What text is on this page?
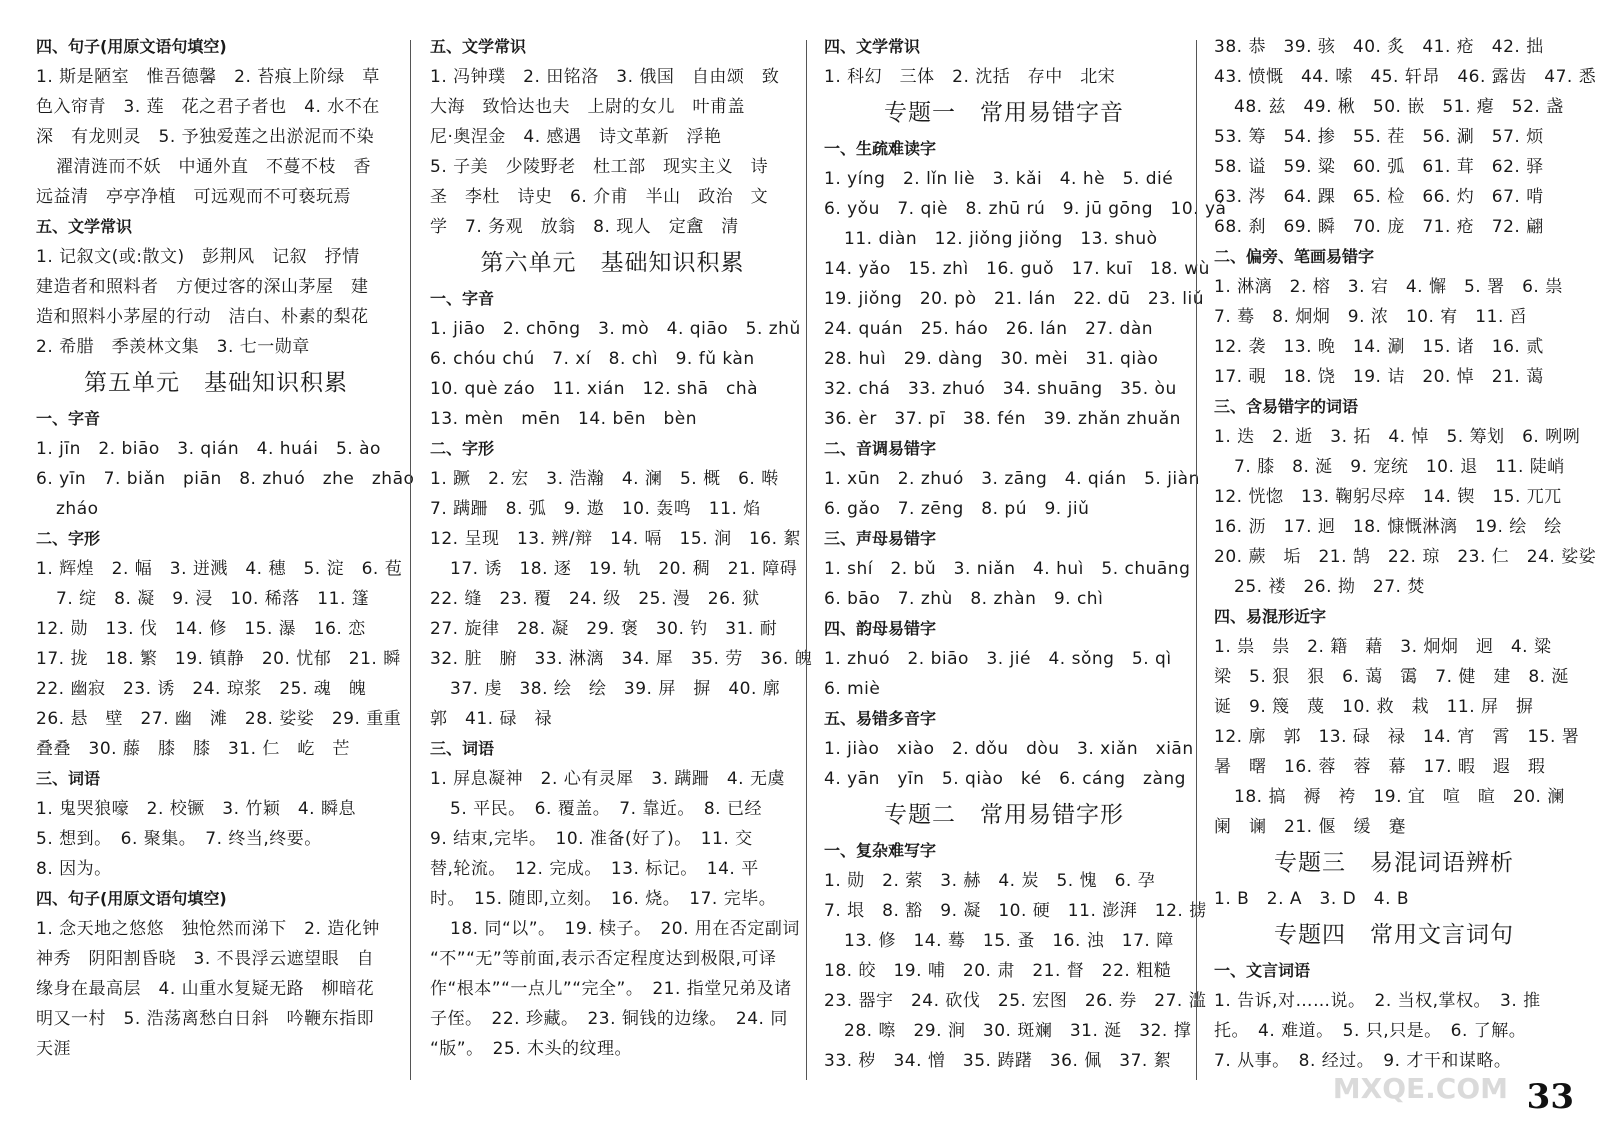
四、句子(用原文语句填空)
1. 斯是陋室　惟吾德馨　2. 苔痕上阶绿　草
色入帘青　3. 莲　花之君子者也　4. 水不在
深　有龙则灵　5. 予独爱莲之出淤泥而不染
濯清涟而不妖　中通外直　不蔓不枝　香
远益清　亭亭净植　可远观而不可亵玩焉
五、文学常识
1. 记叙文(或:散文)　彭荆风　记叙　抒情
建造者和照料者　方便过客的深山茅屋　建
造和照料小茅屋的行动　洁白、朴素的梨花
2. 希腊　季羡林文集　3. 七一勋章
第五单元　基础知识积累
一、字音
1. jīn　2. biāo　3. qián　4. huái　5. ào
6. yīn　7. biǎn　piān　8. zhuó　zhe　zhāo
zháo
二、字形
1. 辉煌　2. 幅　3. 迸溅　4. 穗　5. 淀　6. 苞
7. 绽　8. 凝　9. 浸　10. 稀落　11. 篷
12. 勋　13. 伐　14. 修　15. 瀑　16. 恋
17. 拢　18. 繁　19. 镇静　20. 忧郁　21. 瞬
22. 幽寂　23. 诱　24. 琼浆　25. 魂　魄
26. 悬　壁　27. 幽　滩　28. 娑娑　29. 重重
叠叠　30. 藤　膝　膝　31. 仁　屹　芒
三、词语
1. 鬼哭狼嚎　2. 校镢　3. 竹颖　4. 瞬息
5. 想到。　6. 聚集。　7. 终当,终要。
8. 因为。
四、句子(用原文语句填空)
1. 念天地之悠悠　独怆然而涕下　2. 造化钟
神秀　阴阳割昏晓　3. 不畏浮云遮望眼　自
缘身在最高层　4. 山重水复疑无路　柳暗花
明又一村　5. 浩荡离愁白日斜　吟鞭东指即
天涯
五、文学常识
1. 冯钟璞　2. 田铭洛　3. 俄国　自由颂　致
大海　致恰达也夫　上尉的女儿　叶甫盖
尼·奥涅金　4. 感遇　诗文革新　浮艳
5. 子美　少陵野老　杜工部　现实主义　诗
圣　李杜　诗史　6. 介甫　半山　政治　文
学　7. 务观　放翁　8. 现人　定盦　清
第六单元　基础知识积累
一、字音
1. jiāo　2. chōng　3. mò　4. qiāo　5. zhǔ
6. chóu chú　7. xí　8. chì　9. fǔ kàn
10. què záo　11. xián　12. shā　chà
13. mèn　mēn　14. bēn　bèn
二、字形
1. 蹶　2. 宏　3. 浩瀚　4. 澜　5. 概　6. 啭
7. 蹒跚　8. 弧　9. 遨　10. 轰鸣　11. 焰
12. 呈现　13. 辨/辩　14. 嗝　15. 涧　16. 絮
17. 诱　18. 逐　19. 轨　20. 稠　21. 障碍
22. 缝　23. 覆　24. 级　25. 漫　26. 狱
27. 旋律　28. 凝　29. 褒　30. 钓　31. 耐
32. 脏　腑　33. 淋漓　34. 犀　35. 劳　36. 魄
37. 虔　38. 绘　绘　39. 屏　摒　40. 廓
郭　41. 碌　禄
三、词语
1. 屏息凝神　2. 心有灵犀　3. 蹒跚　4. 无虞
5. 平民。　6. 覆盖。　7. 靠近。　8. 已经
9. 结束,完毕。　10. 准备(好了)。　11. 交
替,轮流。　12. 完成。　13. 标记。　14. 平
时。　15. 随即,立刻。　16. 烧。　17. 完毕。
18. 同“以”。　19. 椟子。　20. 用在否定副词
“不”“无”等前面,表示否定程度达到极限,可译
作“根本”“一点儿”“完全”。　21. 指堂兄弟及诸
子侄。　22. 珍藏。　23. 铜钱的边缘。　24. 同
“版”。　25. 木头的纹理。
四、文学常识
1. 科幻　三体　2. 沈括　存中　北宋
专题一　常用易错字音
一、生疏难读字
1. yíng　2. lǐn liè　3. kǎi　4. hè　5. dié
6. yǒu　7. qiè　8. zhū rú　9. jū gōng　10. yá
11. diàn　12. jiǒng jiǒng　13. shuò
14. yǎo　15. zhì　16. guǒ　17. kuī　18. wù
19. jiǒng　20. pò　21. lán　22. dū　23. liǔ
24. quán　25. háo　26. lán　27. dàn
28. huì　29. dàng　30. mèi　31. qiào
32. chá　33. zhuó　34. shuāng　35. òu
36. èr　37. pī　38. fén　39. zhǎn zhuǎn
二、音调易错字
1. xūn　2. zhuó　3. zāng　4. qián　5. jiàn
6. gǎo　7. zēng　8. pú　9. jiǔ
三、声母易错字
1. shí　2. bǔ　3. niǎn　4. huì　5. chuāng
6. bāo　7. zhù　8. zhàn　9. chì
四、韵母易错字
1. zhuó　2. biāo　3. jié　4. sǒng　5. qì
6. miè
五、易错多音字
1. jiào　xiào　2. dǒu　dòu　3. xiǎn　xiān
4. yān　yīn　5. qiào　ké　6. cáng　zàng
专题二　常用易错字形
一、复杂难写字
1. 勋　2. 萦　3. 赫　4. 炭　5. 愧　6. 孕
7. 垠　8. 豁　9. 凝　10. 硬　11. 澎湃　12. 掳
13. 修　14. 蓦　15. 蚤　16. 浊　17. 障
18. 皎　19. 哺　20. 肃　21. 督　22. 粗糙
23. 器宇　24. 砍伐　25. 宏图　26. 券　27. 滥
28. 嚓　29. 涧　30. 斑斓　31. 涎　32. 撑
33. 秽　34. 憎　35. 踌躇　36. 佩　37. 絮
38. 恭　39. 骇　40. 炙　41. 疮　42. 拙
43. 愤慨　44. 嗦　45. 轩昂　46. 露齿　47. 悉
48. 兹　49. 楸　50. 嵌　51. 瘪　52. 盏
53. 筹　54. 掺　55. 茬　56. 涮　57. 烦
58. 谥　59. 粱　60. 弧　61. 茸　62. 驿
63. 涔　64. 踝　65. 检　66. 灼　67. 啃
68. 刹　69. 瞬　70. 庞　71. 疮　72. 翩
二、偏旁、笔画易错字
1. 淋漓　2. 榕　3. 宕　4. 懈　5. 署　6. 祟
7. 蓦　8. 炯炯　9. 浓　10. 宥　11. 舀
12. 袭　13. 晚　14. 涮　15. 诸　16. 贰
17. 覗　18. 饶　19. 诘　20. 悼　21. 蔼
三、含易错字的词语
1. 迭　2. 逝　3. 拓　4. 悼　5. 筹划　6. 咧咧
7. 膝　8. 涎　9. 宠统　10. 退　11. 陡峭
12. 恍惚　13. 鞠躬尽瘁　14. 锲　15. 兀兀
16. 沥　17. 迥　18. 慷慨淋漓　19. 绘　绘
20. 蕨　垢　21. 鹄　22. 琼　23. 仁　24. 娑娑
25. 褛　26. 拗　27. 焚
四、易混形近字
1. 祟　祟　2. 籍　藉　3. 炯炯　迥　4. 粱
梁　5. 狠　狠　6. 蔼　霭　7. 健　建　8. 涎
诞　9. 篾　蔑　10. 救　栽　11. 屏　摒
12. 廓　郭　13. 碌　禄　14. 宵　霄　15. 署
暑　曙　16. 蓉　蓉　幕　17. 暇　遐　瑕
18. 搞　褥　袴　19. 宜　喧　暄　20. 澜
阑　谰　21. 偃　缓　蹇
专题三　易混词语辨析
1. B　2. A　3. D　4. B
专题四　常用文言词句
一、文言词语
1. 告诉,对……说。　2. 当权,掌权。　3. 推
托。　4. 难道。　5. 只,只是。　6. 了解。
7. 从事。　8. 经过。　9. 才干和谋略。
MXQE.COM 33
